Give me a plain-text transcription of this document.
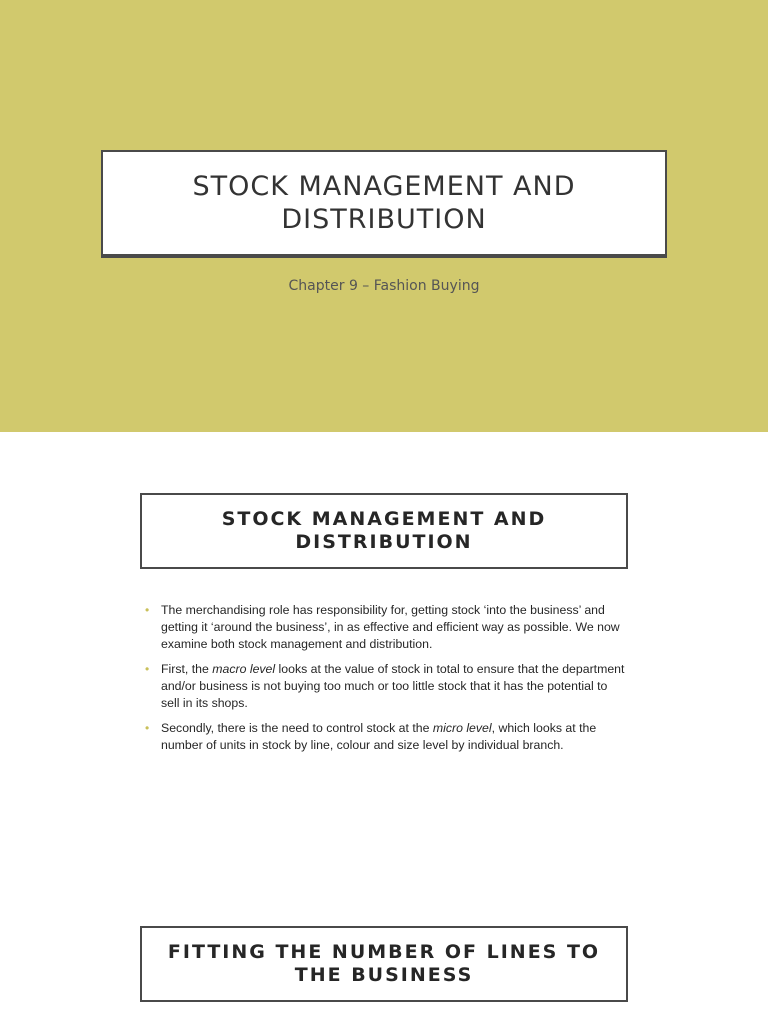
STOCK MANAGEMENT AND
DISTRIBUTION
Chapter 9 – Fashion Buying
STOCK MANAGEMENT AND
DISTRIBUTION
• The merchandising role has responsibility for, getting stock ‘into the business’ and getting it ‘around the business’, in as effective and efficient way as possible. We now examine both stock management and distribution.
• First, the macro level looks at the value of stock in total to ensure that the department and/or business is not buying too much or too little stock that it has the potential to sell in its shops.
• Secondly, there is the need to control stock at the micro level, which looks at the number of units in stock by line, colour and size level by individual branch.
FITTING THE NUMBER OF LINES TO
THE BUSINESS
